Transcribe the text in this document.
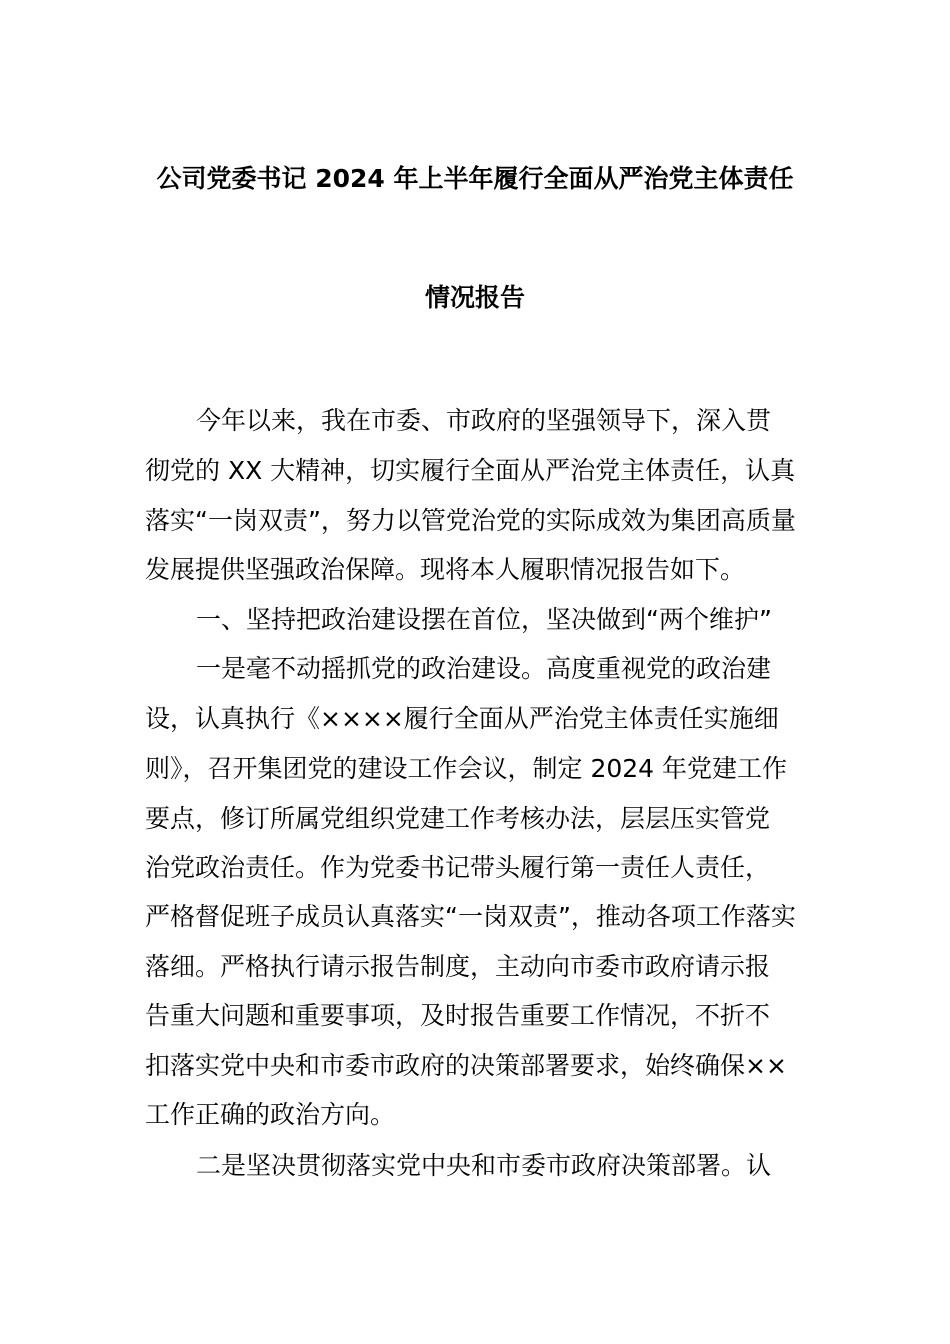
公司党委书记 2024 年上半年履行全面从严治党主体责任
情况报告
今年以来，我在市委、市政府的坚强领导下，深入贯
彻党的 XX 大精神，切实履行全面从严治党主体责任，认真
落实“一岗双责”，努力以管党治党的实际成效为集团高质量
发展提供坚强政治保障。现将本人履职情况报告如下。
一、坚持把政治建设摆在首位，坚决做到“两个维护”
一是毫不动摇抓党的政治建设。高度重视党的政治建
设，认真执行《××××履行全面从严治党主体责任实施细
则》，召开集团党的建设工作会议，制定 2024 年党建工作
要点，修订所属党组织党建工作考核办法，层层压实管党
治党政治责任。作为党委书记带头履行第一责任人责任，
严格督促班子成员认真落实“一岗双责”，推动各项工作落实
落细。严格执行请示报告制度，主动向市委市政府请示报
告重大问题和重要事项，及时报告重要工作情况，不折不
扣落实党中央和市委市政府的决策部署要求，始终确保××
工作正确的政治方向。
二是坚决贯彻落实党中央和市委市政府决策部署。认
